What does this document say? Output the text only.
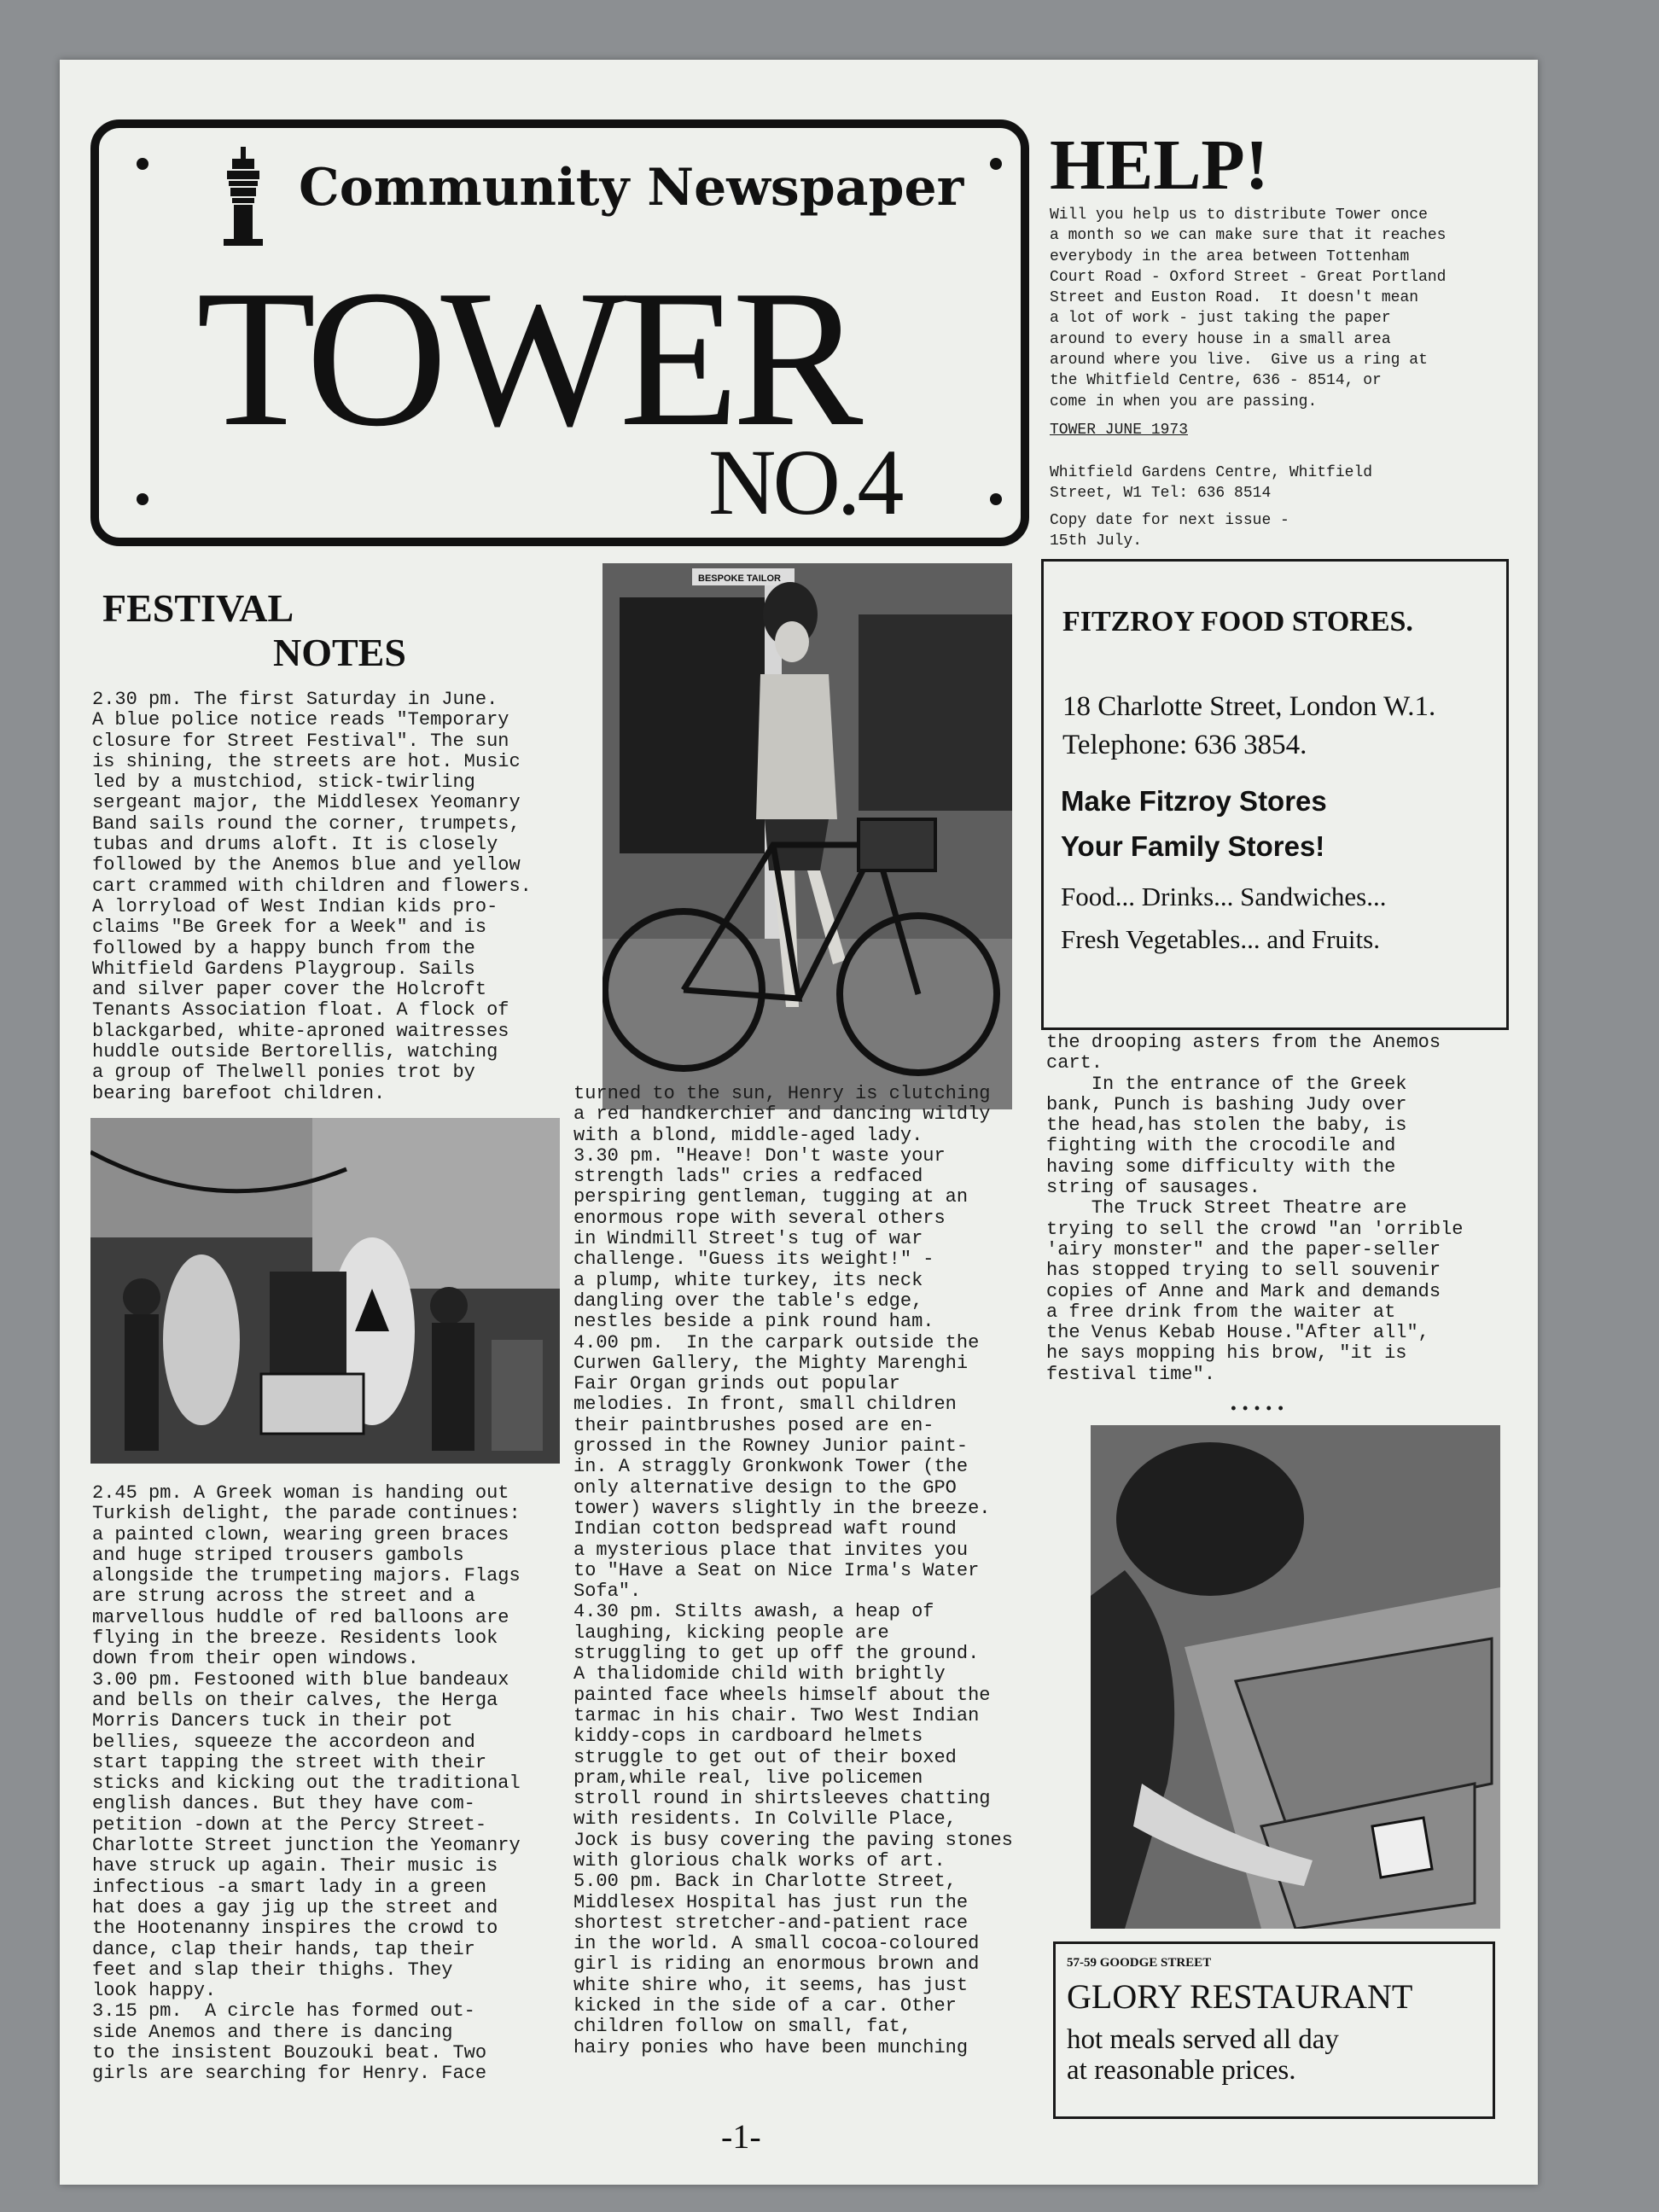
Community Newspaper
TOWER
NO.4
HELP!
Will you help us to distribute Tower once
a month so we can make sure that it reaches
everybody in the area between Tottenham
Court Road - Oxford Street - Great Portland
Street and Euston Road.  It doesn't mean
a lot of work - just taking the paper
around to every house in a small area
around where you live.  Give us a ring at
the Whitfield Centre, 636 - 8514, or
come in when you are passing.
TOWER JUNE 1973
Whitfield Gardens Centre, Whitfield
Street, W1 Tel: 636 8514
Copy date for next issue -
15th July.
FITZROY FOOD STORES.
18 Charlotte Street, London W.1.
Telephone: 636 3854.
Make Fitzroy Stores
Your Family Stores!
Food... Drinks... Sandwiches...
Fresh Vegetables... and Fruits.
FESTIVAL
NOTES
2.30 pm. The first Saturday in June.
A blue police notice reads "Temporary
closure for Street Festival". The sun
is shining, the streets are hot. Music
led by a mustchiod, stick-twirling
sergeant major, the Middlesex Yeomanry
Band sails round the corner, trumpets,
tubas and drums aloft. It is closely
followed by the Anemos blue and yellow
cart crammed with children and flowers.
A lorryload of West Indian kids pro-
claims "Be Greek for a Week" and is
followed by a happy bunch from the
Whitfield Gardens Playgroup. Sails
and silver paper cover the Holcroft
Tenants Association float. A flock of
blackgarbed, white-aproned waitresses
huddle outside Bertorellis, watching
a group of Thelwell ponies trot by
bearing barefoot children.
BESPOKE TAILOR
2.45 pm. A Greek woman is handing out
Turkish delight, the parade continues:
a painted clown, wearing green braces
and huge striped trousers gambols
alongside the trumpeting majors. Flags
are strung across the street and a
marvellous huddle of red balloons are
flying in the breeze. Residents look
down from their open windows.
3.00 pm. Festooned with blue bandeaux
and bells on their calves, the Herga
Morris Dancers tuck in their pot
bellies, squeeze the accordeon and
start tapping the street with their
sticks and kicking out the traditional
english dances. But they have com-
petition -down at the Percy Street-
Charlotte Street junction the Yeomanry
have struck up again. Their music is
infectious -a smart lady in a green
hat does a gay jig up the street and
the Hootenanny inspires the crowd to
dance, clap their hands, tap their
feet and slap their thighs. They
look happy.
3.15 pm.  A circle has formed out-
side Anemos and there is dancing
to the insistent Bouzouki beat. Two
girls are searching for Henry. Face
turned to the sun, Henry is clutching
a red handkerchief and dancing wildly
with a blond, middle-aged lady.
3.30 pm. "Heave! Don't waste your
strength lads" cries a redfaced
perspiring gentleman, tugging at an
enormous rope with several others
in Windmill Street's tug of war
challenge. "Guess its weight!" -
a plump, white turkey, its neck
dangling over the table's edge,
nestles beside a pink round ham.
4.00 pm.  In the carpark outside the
Curwen Gallery, the Mighty Marenghi
Fair Organ grinds out popular
melodies. In front, small children
their paintbrushes posed are en-
grossed in the Rowney Junior paint-
in. A straggly Gronkwonk Tower (the
only alternative design to the GPO
tower) wavers slightly in the breeze.
Indian cotton bedspread waft round
a mysterious place that invites you
to "Have a Seat on Nice Irma's Water
Sofa".
4.30 pm. Stilts awash, a heap of
laughing, kicking people are
struggling to get up off the ground.
A thalidomide child with brightly
painted face wheels himself about the
tarmac in his chair. Two West Indian
kiddy-cops in cardboard helmets
struggle to get out of their boxed
pram,while real, live policemen
stroll round in shirtsleeves chatting
with residents. In Colville Place,
Jock is busy covering the paving stones
with glorious chalk works of art.
5.00 pm. Back in Charlotte Street,
Middlesex Hospital has just run the
shortest stretcher-and-patient race
in the world. A small cocoa-coloured
girl is riding an enormous brown and
white shire who, it seems, has just
kicked in the side of a car. Other
children follow on small, fat,
hairy ponies who have been munching
the drooping asters from the Anemos
cart.
In the entrance of the Greek
bank, Punch is bashing Judy over
the head,has stolen the baby, is
fighting with the crocodile and
having some difficulty with the
string of sausages.
The Truck Street Theatre are
trying to sell the crowd "an 'orrible
'airy monster" and the paper-seller
has stopped trying to sell souvenir
copies of Anne and Mark and demands
a free drink from the waiter at
the Venus Kebab House."After all",
he says mopping his brow, "it is
festival time".
•••••
57-59 GOODGE STREET
GLORY RESTAURANT
hot meals served all day
at reasonable prices.
-1-
